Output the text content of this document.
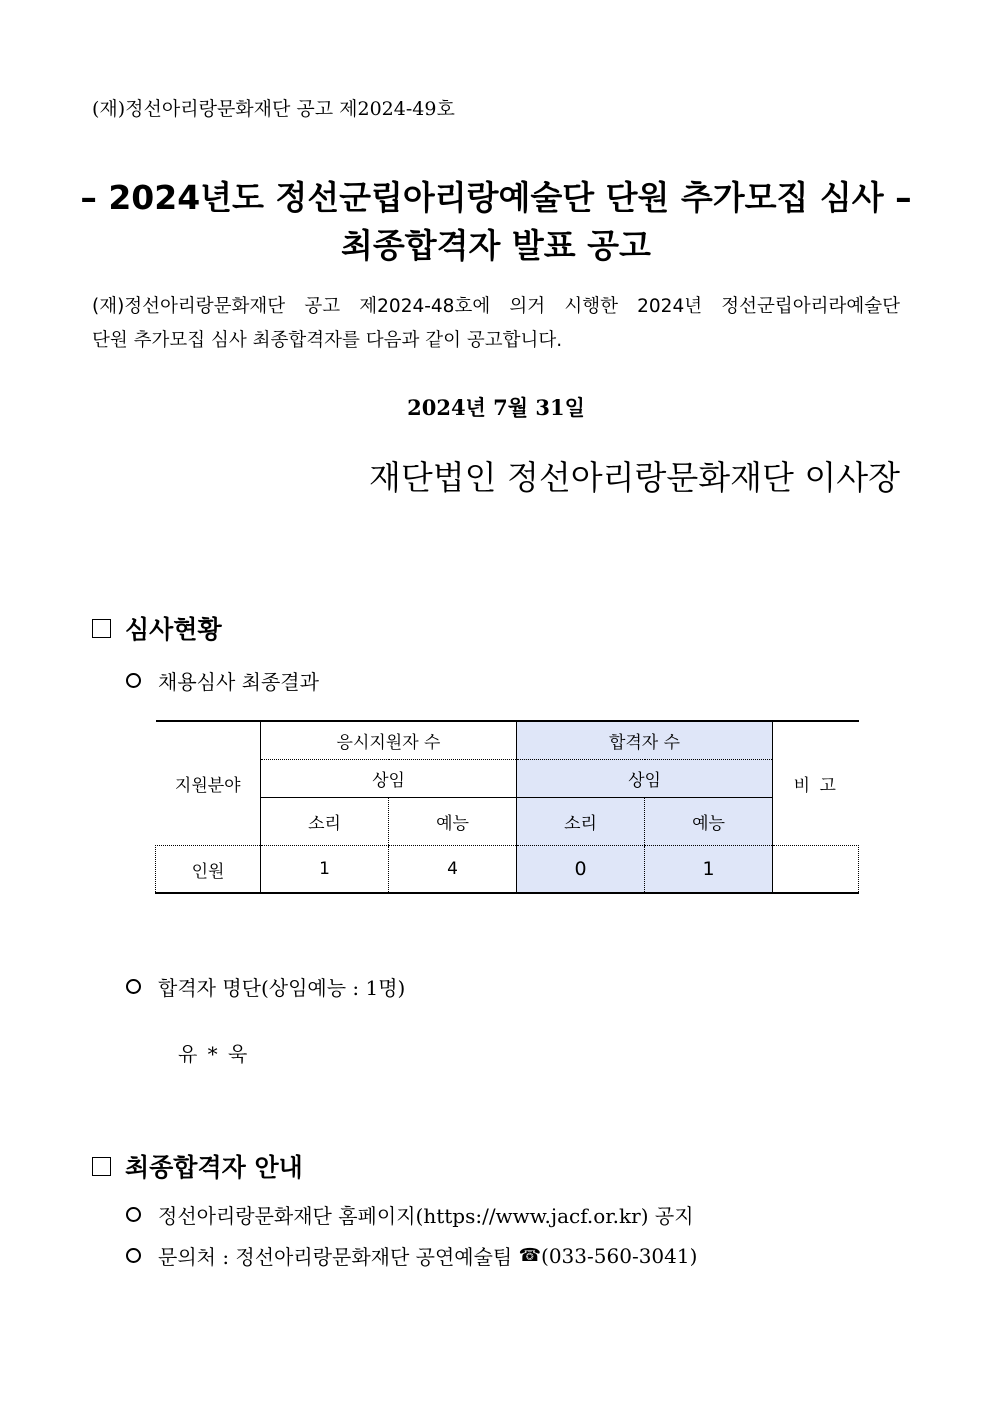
(재)정선아리랑문화재단 공고 제2024-49호
– 2024년도 정선군립아리랑예술단 단원 추가모집 심사 –
최종합격자 발표 공고
(재)정선아리랑문화재단 공고 제2024-48호에 의거 시행한 2024년 정선군립아리라예술단
단원 추가모집 심사 최종합격자를 다음과 같이 공고합니다.
2024년 7월 31일
재단법인 정선아리랑문화재단 이사장
심사현황
채용심사 최종결과
지원분야	응시지원자 수		합격자 수		비 고
	상임		상임		
	소리	예능	소리	예능	
인원	1	4	0	1	
합격자 명단(상임예능 : 1명)
유 * 욱
최종합격자 안내
정선아리랑문화재단 홈페이지(https://www.jacf.or.kr) 공지
문의처 : 정선아리랑문화재단 공연예술팀 ☎ (033-560-3041)
